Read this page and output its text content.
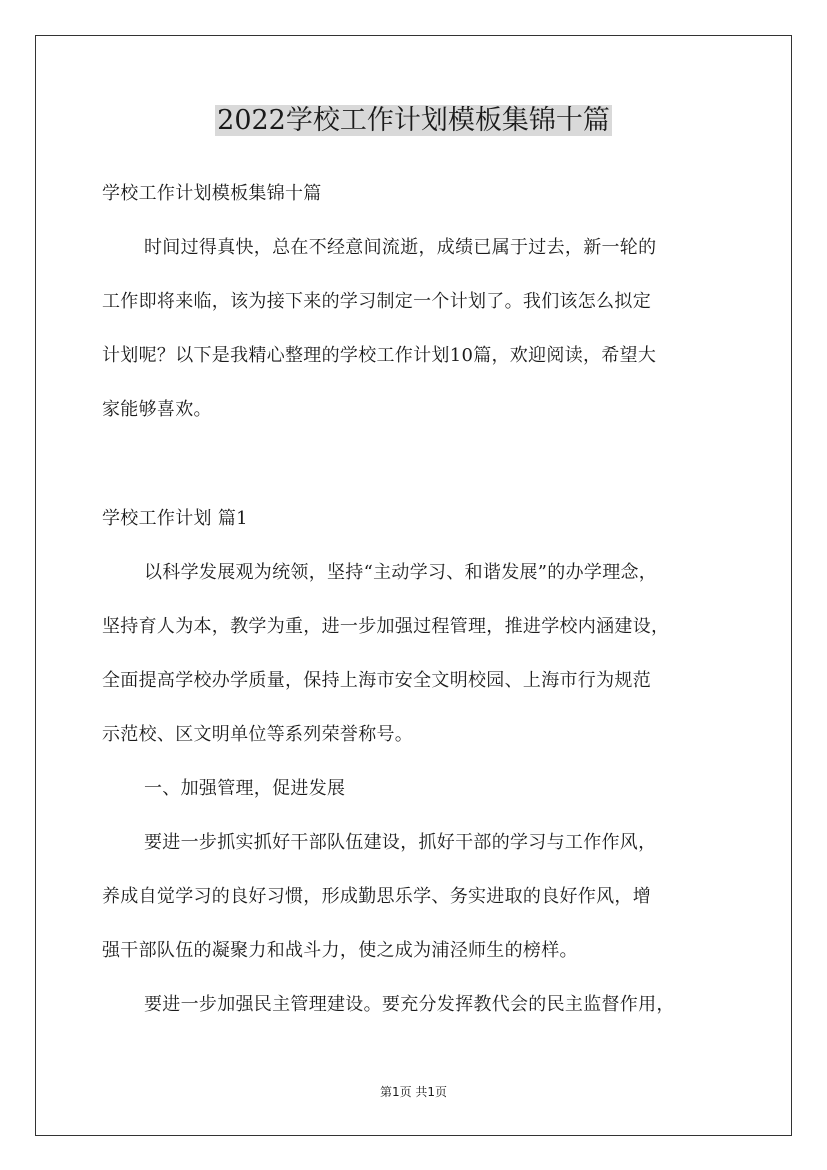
2022学校工作计划模板集锦十篇
学校工作计划模板集锦十篇
时间过得真快，总在不经意间流逝，成绩已属于过去，新一轮的
工作即将来临，该为接下来的学习制定一个计划了。我们该怎么拟定
计划呢？以下是我精心整理的学校工作计划10篇，欢迎阅读，希望大
家能够喜欢。
学校工作计划 篇1
以科学发展观为统领，坚持“主动学习、和谐发展”的办学理念，
坚持育人为本，教学为重，进一步加强过程管理，推进学校内涵建设，
全面提高学校办学质量，保持上海市安全文明校园、上海市行为规范
示范校、区文明单位等系列荣誉称号。
一、加强管理，促进发展
要进一步抓实抓好干部队伍建设，抓好干部的学习与工作作风，
养成自觉学习的良好习惯，形成勤思乐学、务实进取的良好作风，增
强干部队伍的凝聚力和战斗力，使之成为浦泾师生的榜样。
要进一步加强民主管理建设。要充分发挥教代会的民主监督作用，
第1页 共1页
